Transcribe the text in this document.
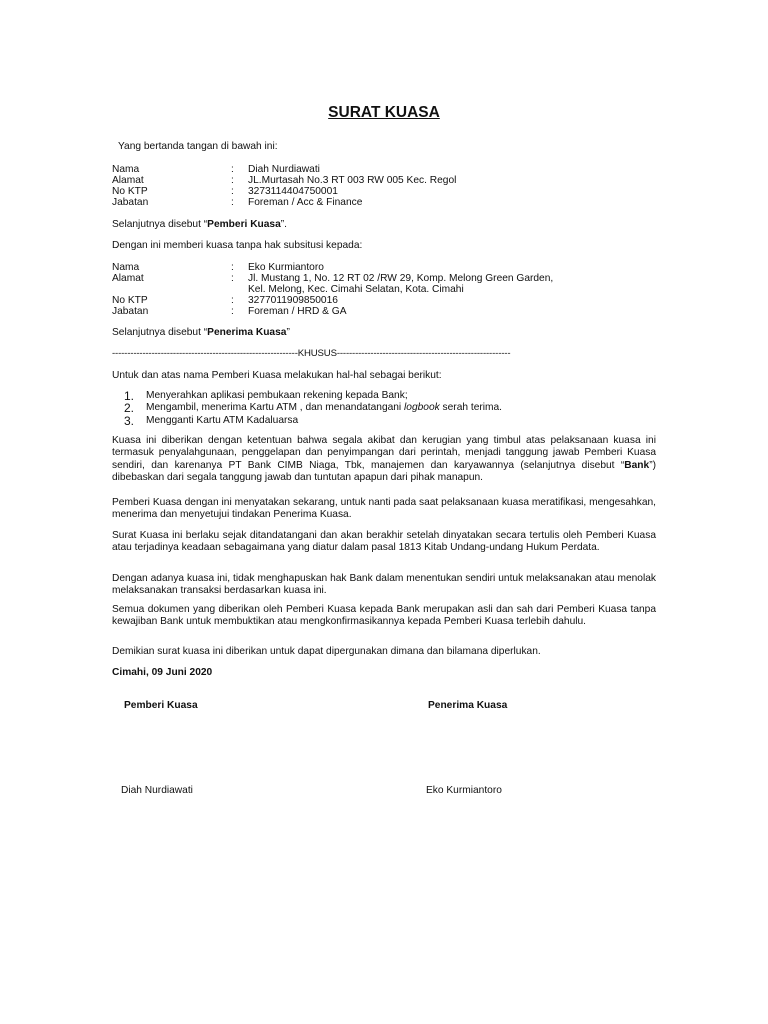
SURAT KUASA
Yang bertanda tangan di bawah ini:
Nama	: Diah Nurdiawati
Alamat	: JL.Murtasah No.3 RT 003 RW 005 Kec. Regol
No KTP	: 3273114404750001
Jabatan	: Foreman / Acc & Finance
Selanjutnya disebut “Pemberi Kuasa”.
Dengan ini memberi kuasa tanpa hak subsitusi kepada:
Nama	: Eko Kurmiantoro
Alamat	: Jl. Mustang 1, No. 12 RT 02 /RW 29, Komp. Melong Green Garden,
Kel. Melong, Kec. Cimahi Selatan, Kota. Cimahi
No KTP	: 3277011909850016
Jabatan	: Foreman / HRD & GA
Selanjutnya disebut “Penerima Kuasa”
-------------------------------------------------------------KHUSUS---------------------------------------------------------
Untuk dan atas nama Pemberi Kuasa melakukan hal-hal sebagai berikut:
1. Menyerahkan aplikasi pembukaan rekening kepada Bank;
2. Mengambil, menerima Kartu ATM , dan menandatangani logbook serah terima.
3. Mengganti Kartu ATM Kadaluarsa
Kuasa ini diberikan dengan ketentuan bahwa segala akibat dan kerugian yang timbul atas pelaksanaan kuasa ini termasuk penyalahgunaan, penggelapan dan penyimpangan dari perintah, menjadi tanggung jawab Pemberi Kuasa sendiri, dan karenanya PT Bank CIMB Niaga, Tbk, manajemen dan karyawannya (selanjutnya disebut “Bank”) dibebaskan dari segala tanggung jawab dan tuntutan apapun dari pihak manapun.
Pemberi Kuasa dengan ini menyatakan sekarang, untuk nanti pada saat pelaksanaan kuasa meratifikasi, mengesahkan, menerima dan menyetujui tindakan Penerima Kuasa.
Surat Kuasa ini berlaku sejak ditandatangani dan akan berakhir setelah dinyatakan secara tertulis oleh Pemberi Kuasa atau terjadinya keadaan sebagaimana yang diatur dalam pasal 1813 Kitab Undang-undang Hukum Perdata.
Dengan adanya kuasa ini, tidak menghapuskan hak Bank dalam menentukan sendiri untuk melaksanakan atau menolak melaksanakan transaksi berdasarkan kuasa ini.
Semua dokumen yang diberikan oleh Pemberi Kuasa kepada Bank merupakan asli dan sah dari Pemberi Kuasa tanpa kewajiban Bank untuk membuktikan atau mengkonfirmasikannya kepada Pemberi Kuasa terlebih dahulu.
Demikian surat kuasa ini diberikan untuk dapat dipergunakan dimana dan bilamana diperlukan.
Cimahi, 09 Juni 2020
Pemberi Kuasa	Penerima Kuasa
Diah Nurdiawati	Eko Kurmiantoro
